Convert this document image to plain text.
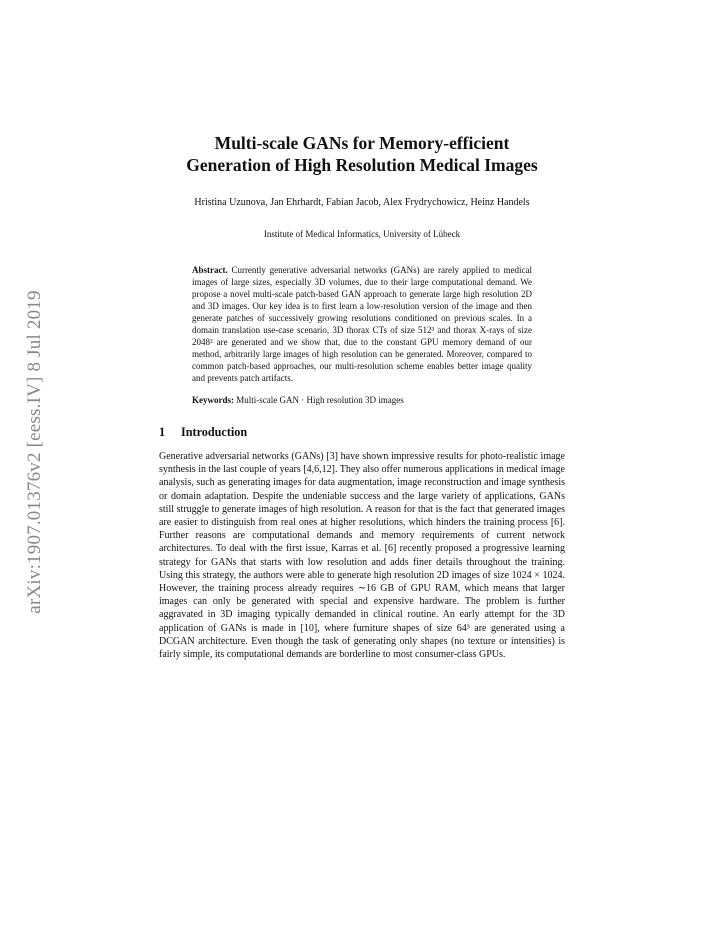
arXiv:1907.01376v2 [eess.IV] 8 Jul 2019
Multi-scale GANs for Memory-efficient
Generation of High Resolution Medical Images
Hristina Uzunova, Jan Ehrhardt, Fabian Jacob, Alex Frydrychowicz, Heinz Handels
Institute of Medical Informatics, University of Lübeck
Abstract. Currently generative adversarial networks (GANs) are rarely applied to medical images of large sizes, especially 3D volumes, due to their large computational demand. We propose a novel multi-scale patch-based GAN approach to generate large high resolution 2D and 3D images. Our key idea is to first learn a low-resolution version of the image and then generate patches of successively growing resolutions conditioned on previous scales. In a domain translation use-case scenario, 3D thorax CTs of size 512³ and thorax X-rays of size 2048² are generated and we show that, due to the constant GPU memory demand of our method, arbitrarily large images of high resolution can be generated. Moreover, compared to common patch-based approaches, our multi-resolution scheme enables better image quality and prevents patch artifacts.
Keywords: Multi-scale GAN · High resolution 3D images
1 Introduction

Generative adversarial networks (GANs) [3] have shown impressive results for photo-realistic image synthesis in the last couple of years [4,6,12]. They also offer numerous applications in medical image analysis, such as generating images for data augmentation, image reconstruction and image synthesis or domain adaptation. Despite the undeniable success and the large variety of applications, GANs still struggle to generate images of high resolution. A reason for that is the fact that generated images are easier to distinguish from real ones at higher resolutions, which hinders the training process [6]. Further reasons are computational demands and memory requirements of current network architectures. To deal with the first issue, Karras et al. [6] recently proposed a progressive learning strategy for GANs that starts with low resolution and adds finer details throughout the training. Using this strategy, the authors were able to generate high resolution 2D images of size 1024 × 1024. However, the training process already requires ∼16 GB of GPU RAM, which means that larger images can only be generated with special and expensive hardware. The problem is further aggravated in 3D imaging typically demanded in clinical routine. An early attempt for the 3D application of GANs is made in [10], where furniture shapes of size 64³ are generated using a DCGAN architecture. Even though the task of generating only shapes (no texture or intensities) is fairly simple, its computational demands are borderline to most consumer-class GPUs.
